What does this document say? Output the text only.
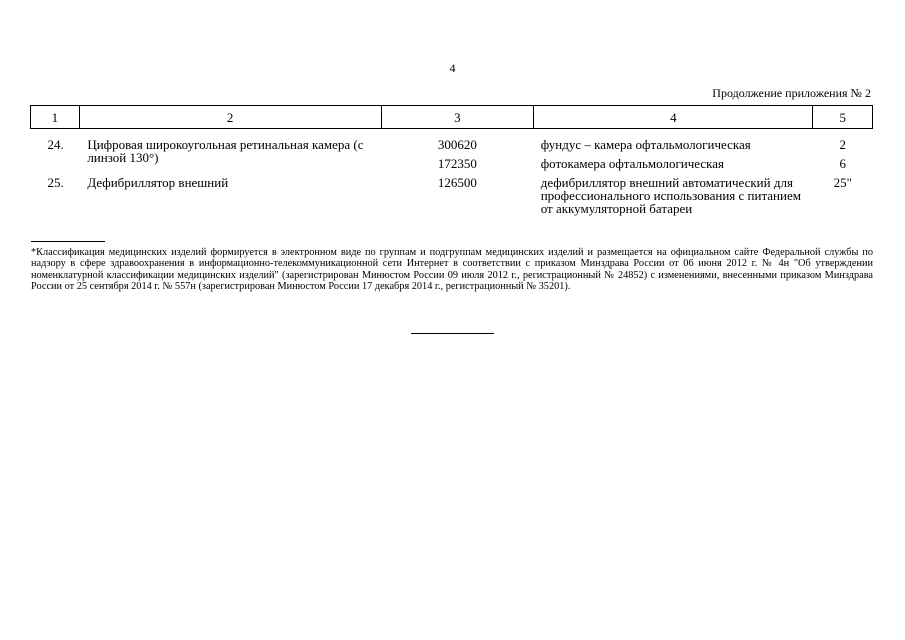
4
Продолжение приложения № 2
1	2	3	4	5
24.	Цифровая широкоугольная ретинальная камера (с линзой 130°)	300620	фундус – камера офтальмологическая	2
		172350	фотокамера офтальмологическая	6
25.	Дефибриллятор внешний	126500	дефибриллятор внешний автоматический для профессионального использования с питанием от аккумуляторной батареи	25"
*Классификация медицинских изделий формируется в электронном виде по группам и подгруппам медицинских изделий и размещается на официальном сайте Федеральной службы по надзору в сфере здравоохранения в информационно-телекоммуникационной сети Интернет в соответствии с приказом Минздрава России от 06 июня 2012 г. № 4н "Об утверждении номенклатурной классификации медицинских изделий" (зарегистрирован Минюстом России 09 июля 2012 г., регистрационный № 24852) с изменениями, внесенными приказом Минздрава России от 25 сентября 2014 г. № 557н (зарегистрирован Минюстом России 17 декабря 2014 г., регистрационный № 35201).
